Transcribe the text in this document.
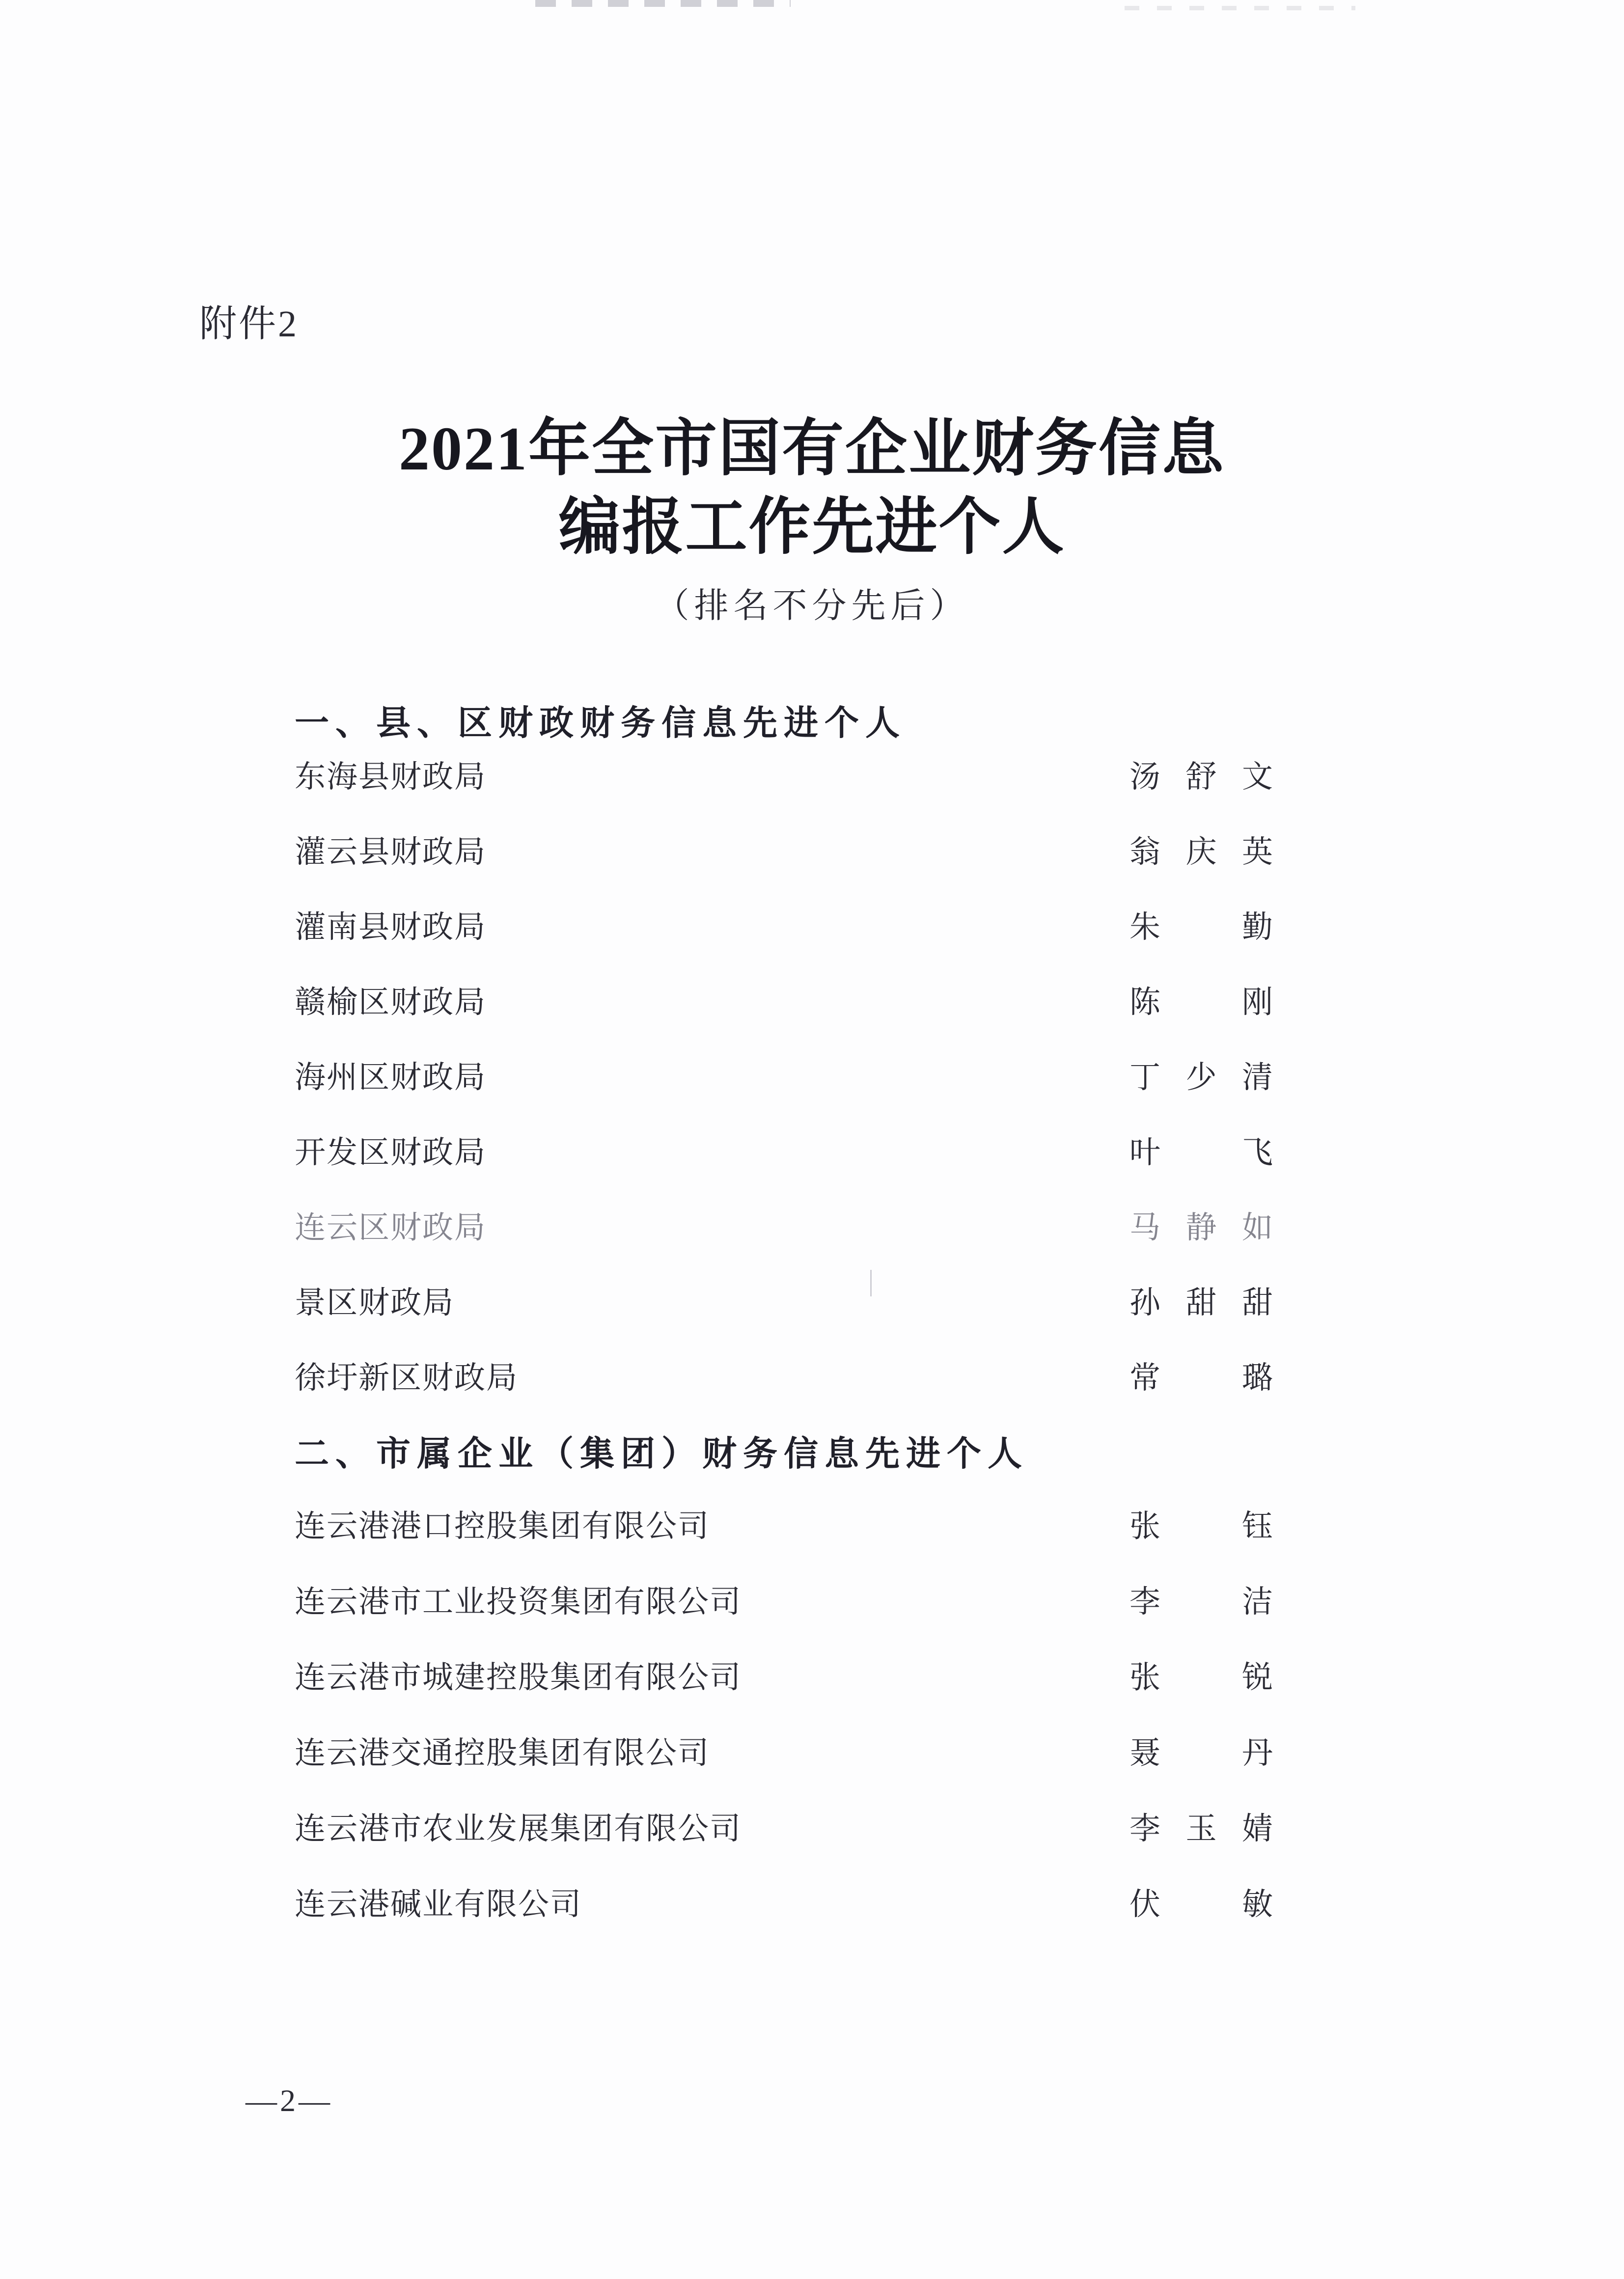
附件2
2021年全市国有企业财务信息
编报工作先进个人
（排名不分先后）
一、县、区财政财务信息先进个人
东海县财政局	汤舒文
灌云县财政局	翁庆英
灌南县财政局	朱　勤
赣榆区财政局	陈　刚
海州区财政局	丁少清
开发区财政局	叶　飞
连云区财政局	马静如
景区财政局	孙甜甜
徐圩新区财政局	常　璐
二、市属企业（集团）财务信息先进个人
连云港港口控股集团有限公司	张　钰
连云港市工业投资集团有限公司	李　洁
连云港市城建控股集团有限公司	张　锐
连云港交通控股集团有限公司	聂　丹
连云港市农业发展集团有限公司	李玉婧
连云港碱业有限公司	伏　敏
—2—
